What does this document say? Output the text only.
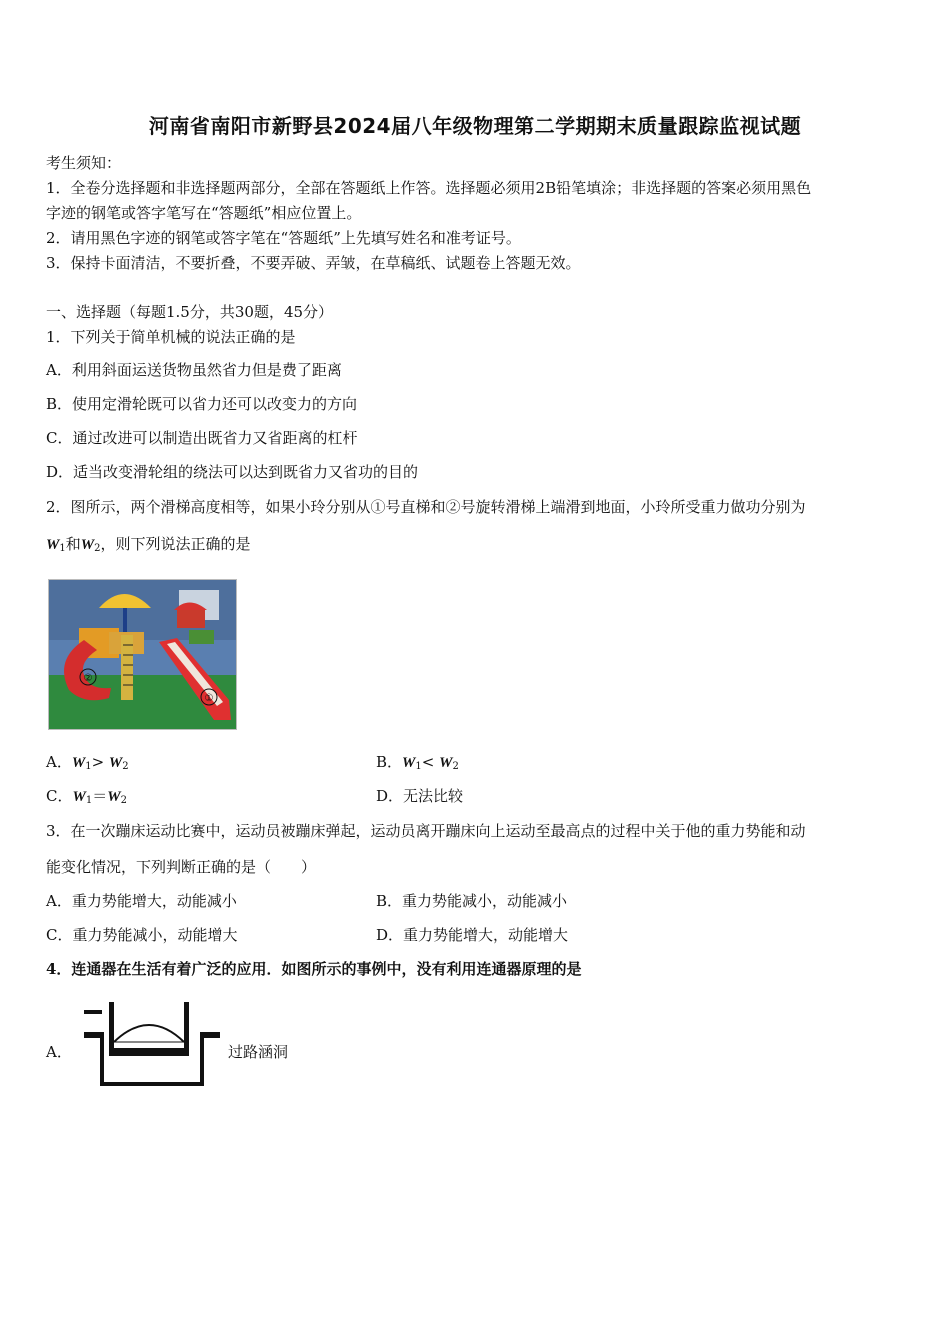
河南省南阳市新野县2024届八年级物理第二学期期末质量跟踪监视试题
考生须知：
1．全卷分选择题和非选择题两部分，全部在答题纸上作答。选择题必须用2B铅笔填涂；非选择题的答案必须用黑色
字迹的钢笔或答字笔写在“答题纸”相应位置上。
2．请用黑色字迹的钢笔或答字笔在“答题纸”上先填写姓名和准考证号。
3．保持卡面清洁，不要折叠，不要弄破、弄皱，在草稿纸、试题卷上答题无效。
一、选择题（每题1.5分，共30题，45分）
1．下列关于简单机械的说法正确的是
A．利用斜面运送货物虽然省力但是费了距离
B．使用定滑轮既可以省力还可以改变力的方向
C．通过改进可以制造出既省力又省距离的杠杆
D．适当改变滑轮组的绕法可以达到既省力又省功的目的
2．图所示，两个滑梯高度相等，如果小玲分别从①号直梯和②号旋转滑梯上端滑到地面，小玲所受重力做功分别为
$W_1$和$W_2$，则下列说法正确的是
②
①
A．$W_1> W_2$	B．$W_1< W_2$
C．$W_1=W_2$	D．无法比较
3．在一次蹦床运动比赛中，运动员被蹦床弹起，运动员离开蹦床向上运动至最高点的过程中关于他的重力势能和动
能变化情况，下列判断正确的是（　　）
A．重力势能增大，动能减小	B．重力势能减小，动能减小
C．重力势能减小，动能增大	D．重力势能增大，动能增大
4．连通器在生活有着广泛的应用．如图所示的事例中，没有利用连通器原理的是
A．	过路涵洞
